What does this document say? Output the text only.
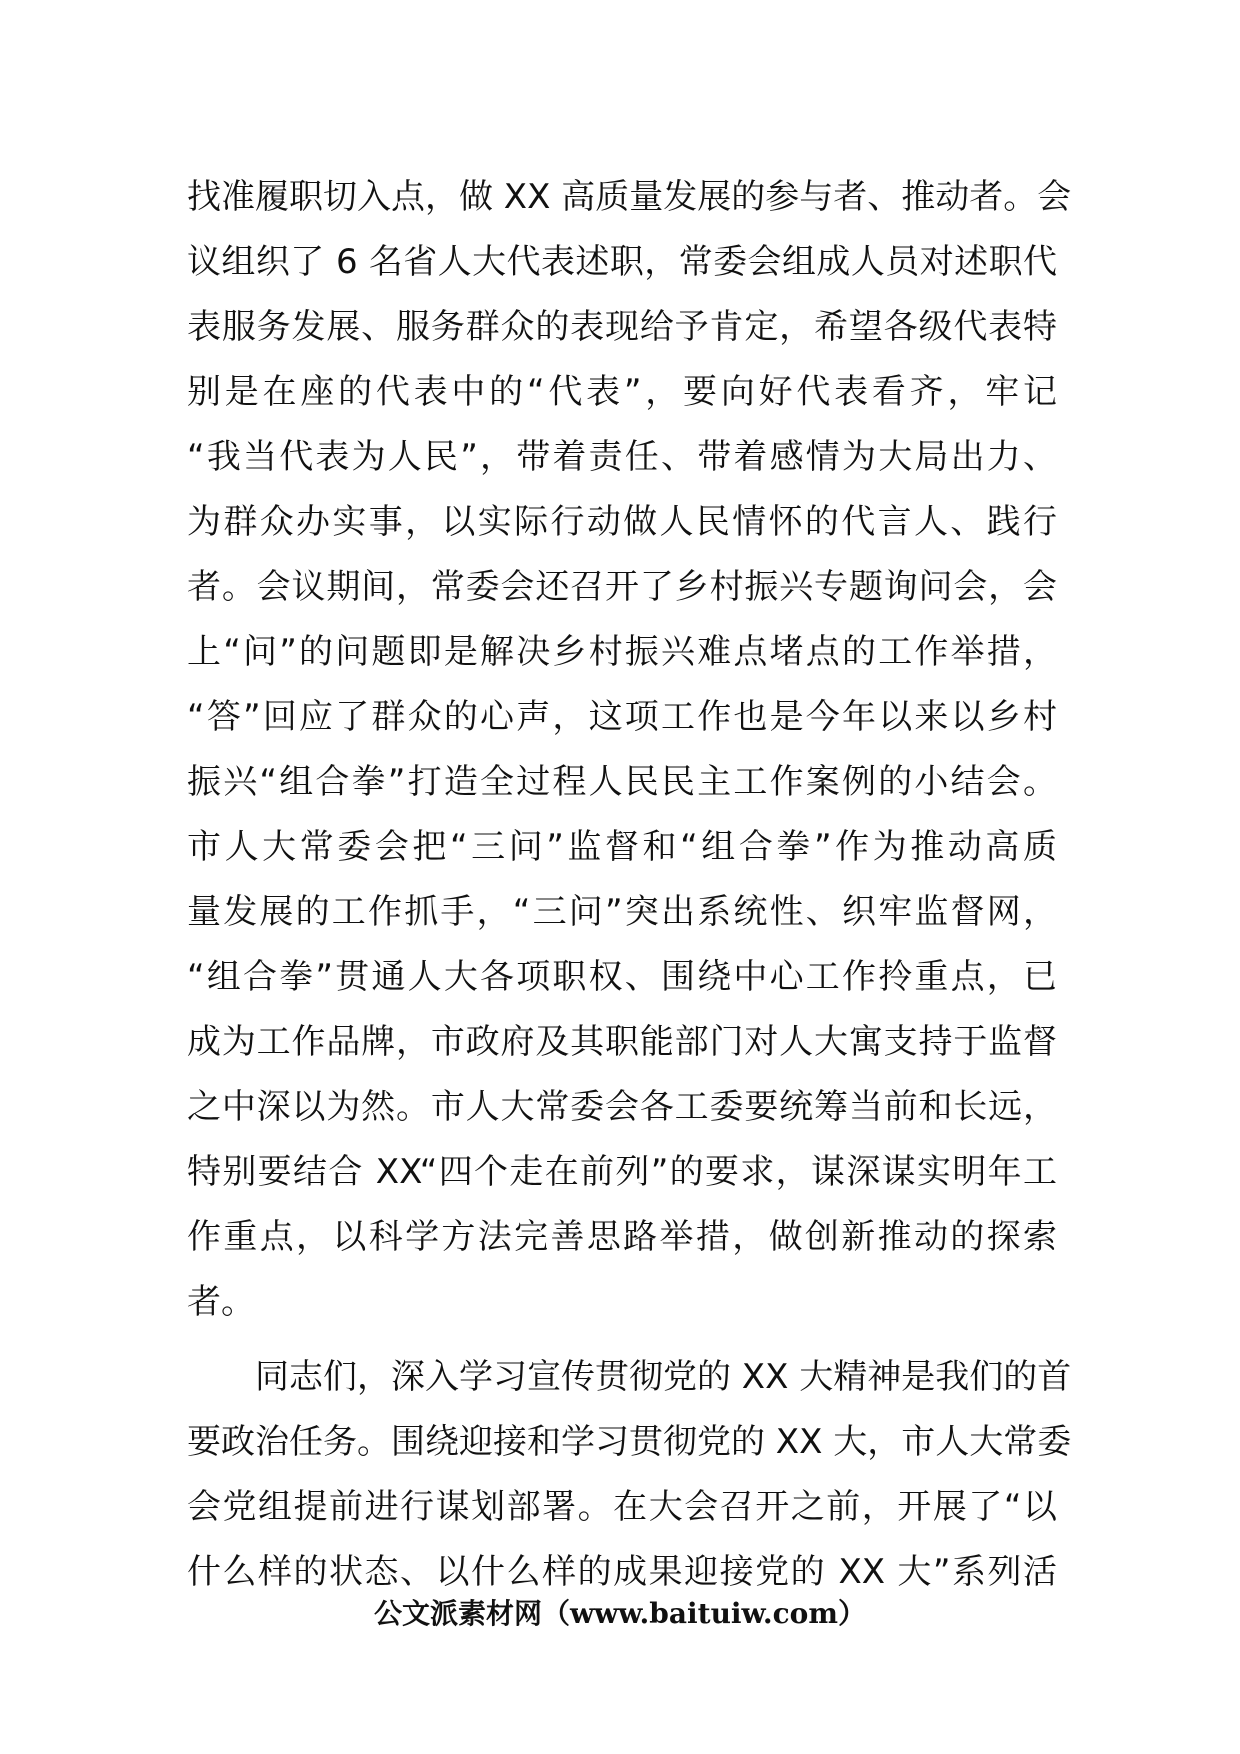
找准履职切入点，做 XX 高质量发展的参与者、推动者。会
议组织了 6 名省人大代表述职，常委会组成人员对述职代
表服务发展、服务群众的表现给予肯定，希望各级代表特
别是在座的代表中的“代表”，要向好代表看齐，牢记
“我当代表为人民”，带着责任、带着感情为大局出力、
为群众办实事，以实际行动做人民情怀的代言人、践行
者。会议期间，常委会还召开了乡村振兴专题询问会，会
上“问”的问题即是解决乡村振兴难点堵点的工作举措，
“答”回应了群众的心声，这项工作也是今年以来以乡村
振兴“组合拳”打造全过程人民民主工作案例的小结会。
市人大常委会把“三问”监督和“组合拳”作为推动高质
量发展的工作抓手，“三问”突出系统性、织牢监督网，
“组合拳”贯通人大各项职权、围绕中心工作拎重点，已
成为工作品牌，市政府及其职能部门对人大寓支持于监督
之中深以为然。市人大常委会各工委要统筹当前和长远，
特别要结合 XX“四个走在前列”的要求，谋深谋实明年工
作重点，以科学方法完善思路举措，做创新推动的探索
者。
同志们，深入学习宣传贯彻党的 XX 大精神是我们的首
要政治任务。围绕迎接和学习贯彻党的 XX 大，市人大常委
会党组提前进行谋划部署。在大会召开之前，开展了“以
什么样的状态、以什么样的成果迎接党的 XX 大”系列活
公文派素材网（www.baituiw.com）
